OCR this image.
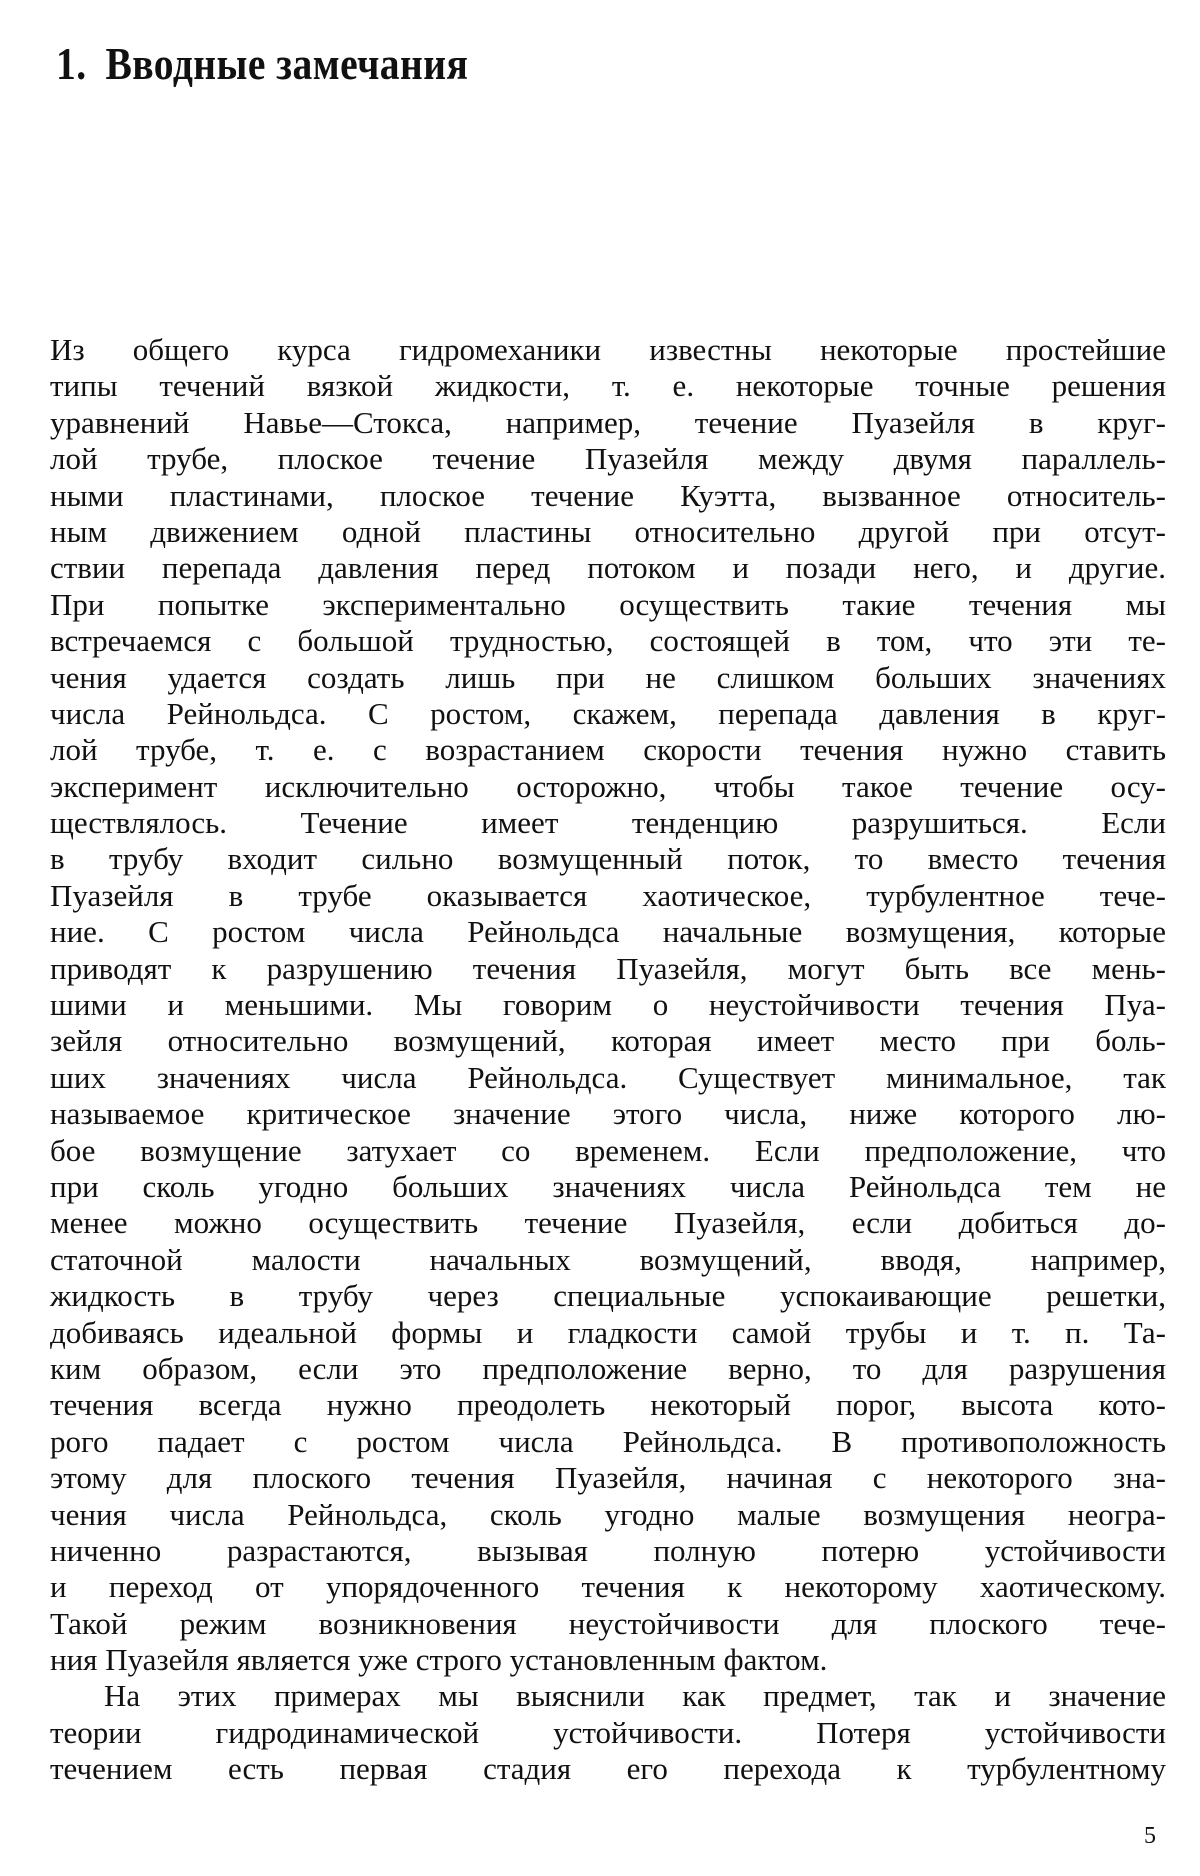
1. Вводные замечания
Из общего курса гидромеханики известны некоторые простейшие
типы течений вязкой жидкости, т. е. некоторые точные решения
уравнений Навье—Стокса, например, течение Пуазейля в круг-
лой трубе, плоское течение Пуазейля между двумя параллель-
ными пластинами, плоское течение Куэтта, вызванное относитель-
ным движением одной пластины относительно другой при отсут-
ствии перепада давления перед потоком и позади него, и другие.
При попытке экспериментально осуществить такие течения мы
встречаемся с большой трудностью, состоящей в том, что эти те-
чения удается создать лишь при не слишком больших значениях
числа Рейнольдса. С ростом, скажем, перепада давления в круг-
лой трубе, т. е. с возрастанием скорости течения нужно ставить
эксперимент исключительно осторожно, чтобы такое течение осу-
ществлялось. Течение имеет тенденцию разрушиться. Если
в трубу входит сильно возмущенный поток, то вместо течения
Пуазейля в трубе оказывается хаотическое, турбулентное тече-
ние. С ростом числа Рейнольдса начальные возмущения, которые
приводят к разрушению течения Пуазейля, могут быть все мень-
шими и меньшими. Мы говорим о неустойчивости течения Пуа-
зейля относительно возмущений, которая имеет место при боль-
ших значениях числа Рейнольдса. Существует минимальное, так
называемое критическое значение этого числа, ниже которого лю-
бое возмущение затухает со временем. Если предположение, что
при сколь угодно больших значениях числа Рейнольдса тем не
менее можно осуществить течение Пуазейля, если добиться до-
статочной малости начальных возмущений, вводя, например,
жидкость в трубу через специальные успокаивающие решетки,
добиваясь идеальной формы и гладкости самой трубы и т. п. Та-
ким образом, если это предположение верно, то для разрушения
течения всегда нужно преодолеть некоторый порог, высота кото-
рого падает с ростом числа Рейнольдса. В противоположность
этому для плоского течения Пуазейля, начиная с некоторого зна-
чения числа Рейнольдса, сколь угодно малые возмущения неогра-
ниченно разрастаются, вызывая полную потерю устойчивости
и переход от упорядоченного течения к некоторому хаотическому.
Такой режим возникновения неустойчивости для плоского тече-
ния Пуазейля является уже строго установленным фактом.
На этих примерах мы выяснили как предмет, так и значение
теории гидродинамической устойчивости. Потеря устойчивости
течением есть первая стадия его перехода к турбулентному
5
